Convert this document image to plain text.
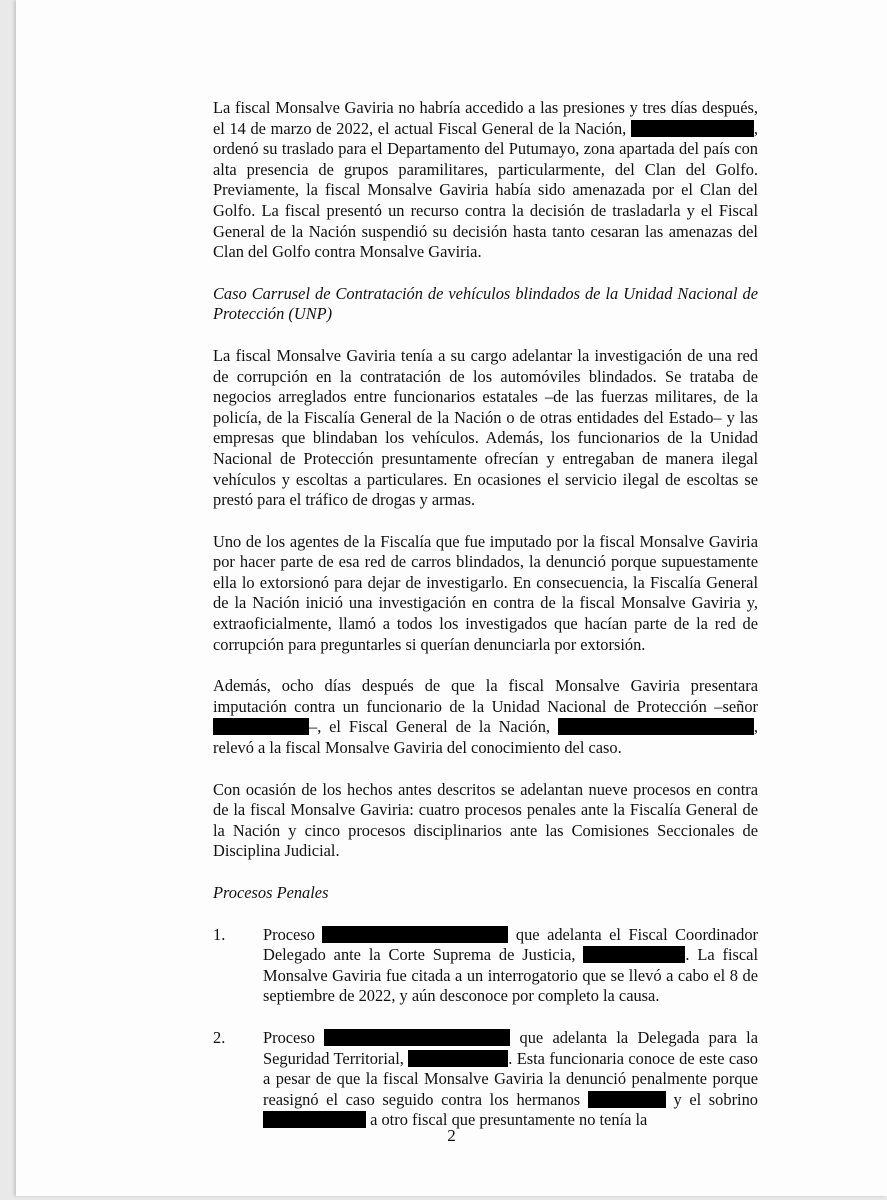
La fiscal Monsalve Gaviria no habría accedido a las presiones y tres días después, el 14 de marzo de 2022, el actual Fiscal General de la Nación,	, ordenó su traslado para el Departamento del Putumayo, zona apartada del país con alta presencia de grupos paramilitares, particularmente, del Clan del Golfo. Previamente, la fiscal Monsalve Gaviria había sido amenazada por el Clan del Golfo. La fiscal presentó un recurso contra la decisión de trasladarla y el Fiscal General de la Nación suspendió su decisión hasta tanto cesaran las amenazas del Clan del Golfo contra Monsalve Gaviria.

Caso Carrusel de Contratación de vehículos blindados de la Unidad Nacional de Protección (UNP)

La fiscal Monsalve Gaviria tenía a su cargo adelantar la investigación de una red de corrupción en la contratación de los automóviles blindados. Se trataba de negocios arreglados entre funcionarios estatales –de las fuerzas militares, de la policía, de la Fiscalía General de la Nación o de otras entidades del Estado– y las empresas que blindaban los vehículos. Además, los funcionarios de la Unidad Nacional de Protección presuntamente ofrecían y entregaban de manera ilegal vehículos y escoltas a particulares. En ocasiones el servicio ilegal de escoltas se prestó para el tráfico de drogas y armas.

Uno de los agentes de la Fiscalía que fue imputado por la fiscal Monsalve Gaviria por hacer parte de esa red de carros blindados, la denunció porque supuestamente ella lo extorsionó para dejar de investigarlo. En consecuencia, la Fiscalía General de la Nación inició una investigación en contra de la fiscal Monsalve Gaviria y, extraoficialmente, llamó a todos los investigados que hacían parte de la red de corrupción para preguntarles si querían denunciarla por extorsión.

Además, ocho días después de que la fiscal Monsalve Gaviria presentara imputación contra un funcionario de la Unidad Nacional de Protección –señor –, el Fiscal General de la Nación,	, relevó a la fiscal Monsalve Gaviria del conocimiento del caso.

Con ocasión de los hechos antes descritos se adelantan nueve procesos en contra de la fiscal Monsalve Gaviria: cuatro procesos penales ante la Fiscalía General de la Nación y cinco procesos disciplinarios ante las Comisiones Seccionales de Disciplina Judicial.

Procesos Penales

1. Proceso	que adelanta el Fiscal Coordinador Delegado ante la Corte Suprema de Justicia,	. La fiscal Monsalve Gaviria fue citada a un interrogatorio que se llevó a cabo el 8 de septiembre de 2022, y aún desconoce por completo la causa.

2. Proceso	que adelanta la Delegada para la Seguridad Territorial,	. Esta funcionaria conoce de este caso a pesar de que la fiscal Monsalve Gaviria la denunció penalmente porque reasignó el caso seguido contra los hermanos	y el sobrino  a otro fiscal que presuntamente no tenía la

2
